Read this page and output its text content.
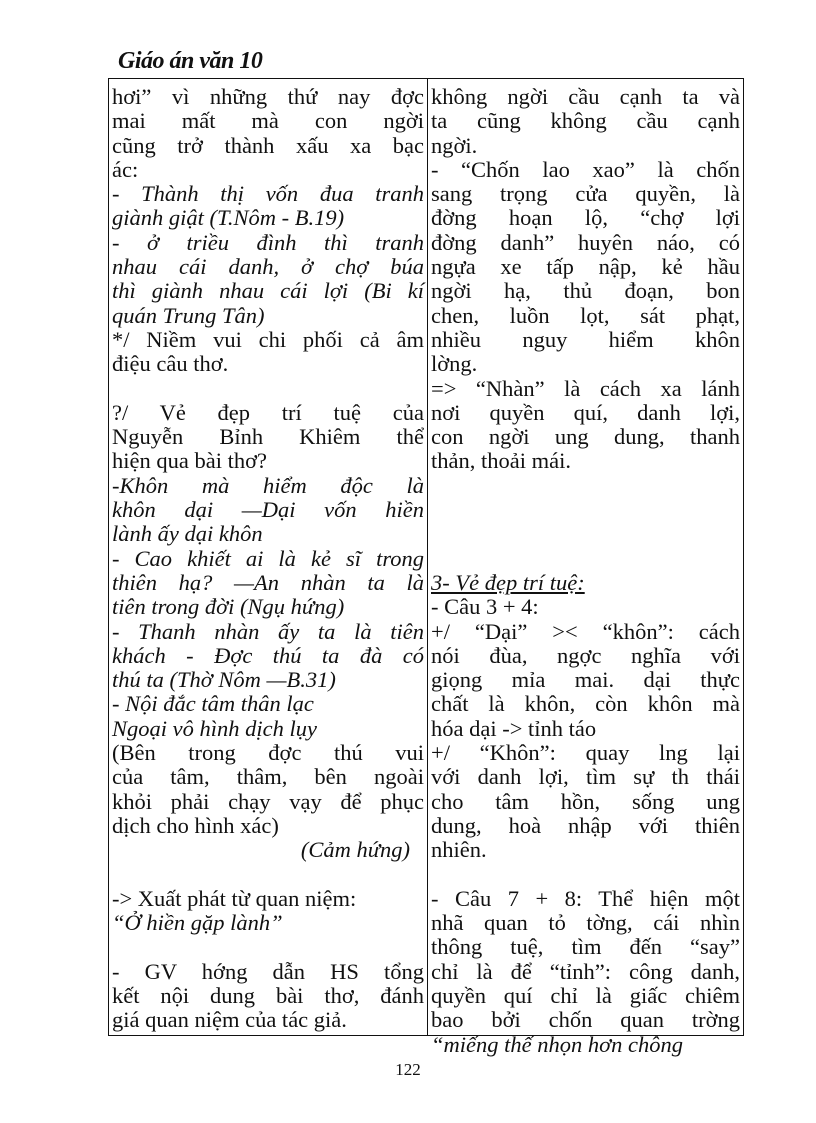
Giáo án văn 10
hơi” vì những thứ nay đợc
mai mất mà con ngời
cũng trở thành xấu xa bạc
ác:
- Thành thị vốn đua tranh
giành giật (T.Nôm - B.19)
- ở triều đình thì tranh
nhau cái danh, ở chợ búa
thì giành nhau cái lợi (Bi kí
quán Trung Tân)
*/ Niềm vui chi phối cả âm
điệu câu thơ.

?/ Vẻ đẹp trí tuệ của
Nguyễn Bỉnh Khiêm thể
hiện qua bài thơ?
-Khôn mà hiểm độc là
khôn dại —Dại vốn hiền
lành ấy dại khôn
- Cao khiết ai là kẻ sĩ trong
thiên hạ? —An nhàn ta là
tiên trong đời (Ngụ hứng)
- Thanh nhàn ấy ta là tiên
khách - Đợc thú ta đà có
thú ta (Thờ Nôm —B.31)
- Nội đắc tâm thân lạc
Ngoại vô hình dịch lụy
(Bên trong đợc thú vui
của tâm, thâm, bên ngoài
khỏi phải chạy vạy để phục
dịch cho hình xác)
(Cảm hứng)

-> Xuất phát từ quan niệm:
“Ở hiền gặp lành”

- GV hớng dẫn HS tổng
kết nội dung bài thơ, đánh
giá quan niệm của tác giả.
không ngời cầu cạnh ta và
ta cũng không cầu cạnh
ngời.
- “Chốn lao xao” là chốn
sang trọng cửa quyền, là
đờng hoạn lộ, “chợ lợi
đờng danh” huyên náo, có
ngựa xe tấp nập, kẻ hầu
ngời hạ, thủ đoạn, bon
chen, luồn lọt, sát phạt,
nhiều nguy hiểm khôn
lờng.
=> “Nhàn” là cách xa lánh
nơi quyền quí, danh lợi,
con ngời ung dung, thanh
thản, thoải mái.

3- Vẻ đẹp trí tuệ:
- Câu 3 + 4:
+/ “Dại” >< “khôn”: cách
nói đùa, ngợc nghĩa với
giọng mỉa mai. dại thực
chất là khôn, còn khôn mà
hóa dại -> tỉnh táo
+/ “Khôn”: quay lng lại
với danh lợi, tìm sự th thái
cho tâm hồn, sống ung
dung, hoà nhập với thiên
nhiên.

- Câu 7 + 8: Thể hiện một
nhã quan tỏ tờng, cái nhìn
thông tuệ, tìm đến “say”
chỉ là để “tỉnh”: công danh,
quyền quí chỉ là giấc chiêm
bao bởi chốn quan trờng
“miếng thế nhọn hơn chông
122
